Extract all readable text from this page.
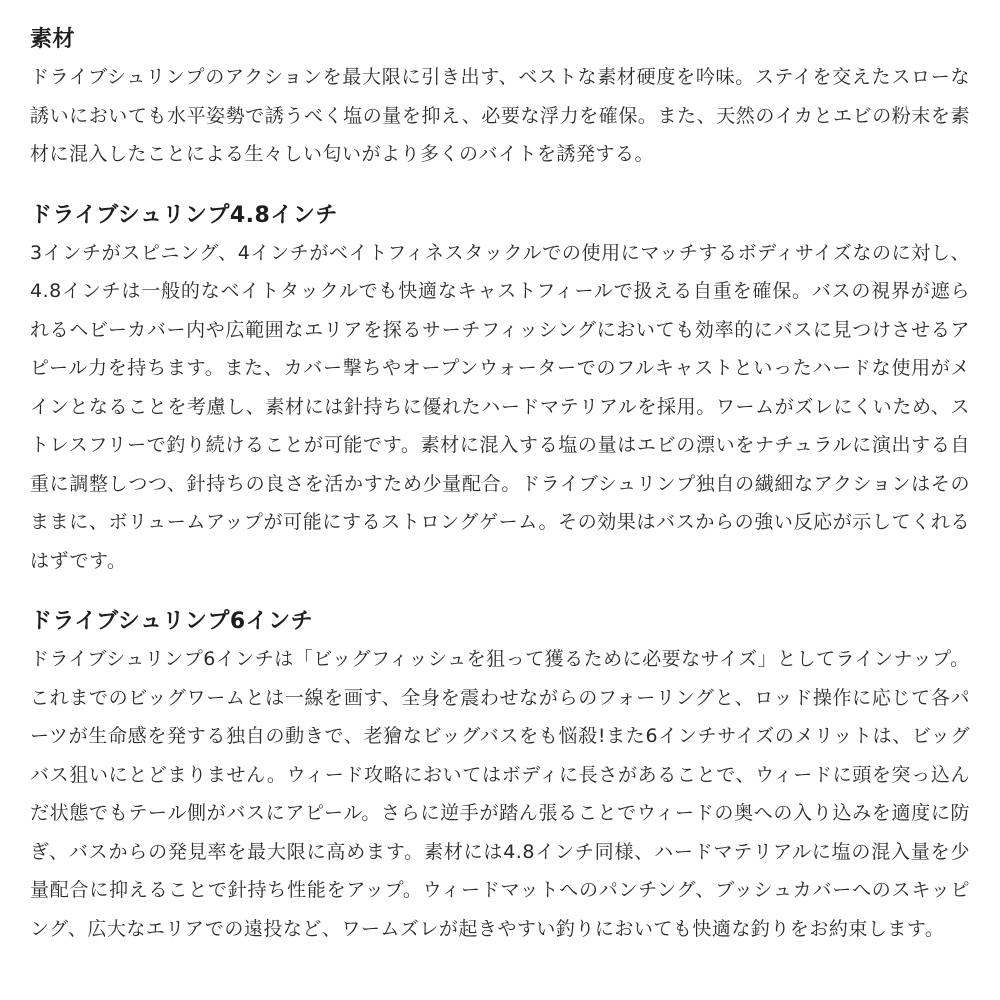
素材

ドライブシュリンプのアクションを最大限に引き出す、ベストな素材硬度を吟味。ステイを交えたスローな誘いにおいても水平姿勢で誘うべく塩の量を抑え、必要な浮力を確保。また、天然のイカとエビの粉末を素材に混入したことによる生々しい匂いがより多くのバイトを誘発する。

ドライブシュリンプ4.8インチ

3インチがスピニング、4インチがベイトフィネスタックルでの使用にマッチするボディサイズなのに対し、4.8インチは一般的なベイトタックルでも快適なキャストフィールで扱える自重を確保。バスの視界が遮られるヘビーカバー内や広範囲なエリアを探るサーチフィッシングにおいても効率的にバスに見つけさせるアピール力を持ちます。また、カバー撃ちやオープンウォーターでのフルキャストといったハードな使用がメインとなることを考慮し、素材には針持ちに優れたハードマテリアルを採用。ワームがズレにくいため、ストレスフリーで釣り続けることが可能です。素材に混入する塩の量はエビの漂いをナチュラルに演出する自重に調整しつつ、針持ちの良さを活かすため少量配合。ドライブシュリンプ独自の繊細なアクションはそのままに、ボリュームアップが可能にするストロングゲーム。その効果はバスからの強い反応が示してくれるはずです。

ドライブシュリンプ6インチ

ドライブシュリンプ6インチは「ビッグフィッシュを狙って獲るために必要なサイズ」としてラインナップ。

これまでのビッグワームとは一線を画す、全身を震わせながらのフォーリングと、ロッド操作に応じて各パーツが生命感を発する独自の動きで、老獪なビッグバスをも悩殺!また6インチサイズのメリットは、ビッグバス狙いにとどまりません。ウィード攻略においてはボディに長さがあることで、ウィードに頭を突っ込んだ状態でもテール側がバスにアピール。さらに逆手が踏ん張ることでウィードの奥への入り込みを適度に防ぎ、バスからの発見率を最大限に高めます。素材には4.8インチ同様、ハードマテリアルに塩の混入量を少量配合に抑えることで針持ち性能をアップ。ウィードマットへのパンチング、ブッシュカバーへのスキッピング、広大なエリアでの遠投など、ワームズレが起きやすい釣りにおいても快適な釣りをお約束します。
